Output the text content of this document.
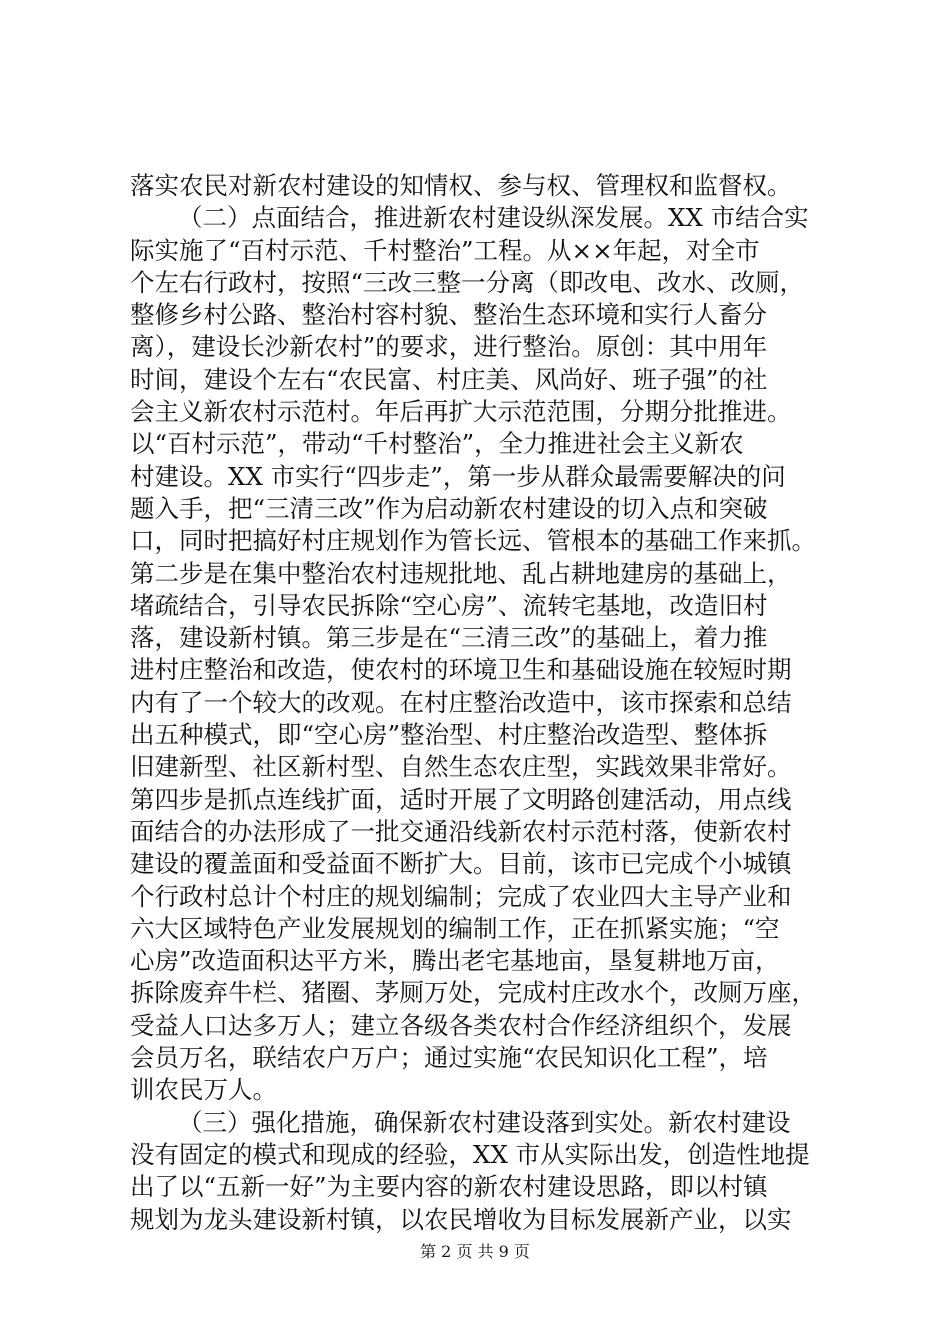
落实农民对新农村建设的知情权、参与权、管理权和监督权。
（二）点面结合，推进新农村建设纵深发展。XX 市结合实
际实施了“百村示范、千村整治”工程。从××年起，对全市
个左右行政村，按照“三改三整一分离（即改电、改水、改厕，
整修乡村公路、整治村容村貌、整治生态环境和实行人畜分
离），建设长沙新农村”的要求，进行整治。原创：其中用年
时间，建设个左右“农民富、村庄美、风尚好、班子强”的社
会主义新农村示范村。年后再扩大示范范围，分期分批推进。
以“百村示范”，带动“千村整治”，全力推进社会主义新农
村建设。XX 市实行“四步走”，第一步从群众最需要解决的问
题入手，把“三清三改”作为启动新农村建设的切入点和突破
口，同时把搞好村庄规划作为管长远、管根本的基础工作来抓。
第二步是在集中整治农村违规批地、乱占耕地建房的基础上，
堵疏结合，引导农民拆除“空心房”、流转宅基地，改造旧村
落，建设新村镇。第三步是在“三清三改”的基础上，着力推
进村庄整治和改造，使农村的环境卫生和基础设施在较短时期
内有了一个较大的改观。在村庄整治改造中，该市探索和总结
出五种模式，即“空心房”整治型、村庄整治改造型、整体拆
旧建新型、社区新村型、自然生态农庄型，实践效果非常好。
第四步是抓点连线扩面，适时开展了文明路创建活动，用点线
面结合的办法形成了一批交通沿线新农村示范村落，使新农村
建设的覆盖面和受益面不断扩大。目前，该市已完成个小城镇
个行政村总计个村庄的规划编制；完成了农业四大主导产业和
六大区域特色产业发展规划的编制工作，正在抓紧实施；“空
心房”改造面积达平方米，腾出老宅基地亩，垦复耕地万亩，
拆除废弃牛栏、猪圈、茅厕万处，完成村庄改水个，改厕万座，
受益人口达多万人；建立各级各类农村合作经济组织个，发展
会员万名，联结农户万户；通过实施“农民知识化工程”，培
训农民万人。
（三）强化措施，确保新农村建设落到实处。新农村建设
没有固定的模式和现成的经验，XX 市从实际出发，创造性地提
出了以“五新一好”为主要内容的新农村建设思路，即以村镇
规划为龙头建设新村镇，以农民增收为目标发展新产业，以实
第 2 页 共 9 页
